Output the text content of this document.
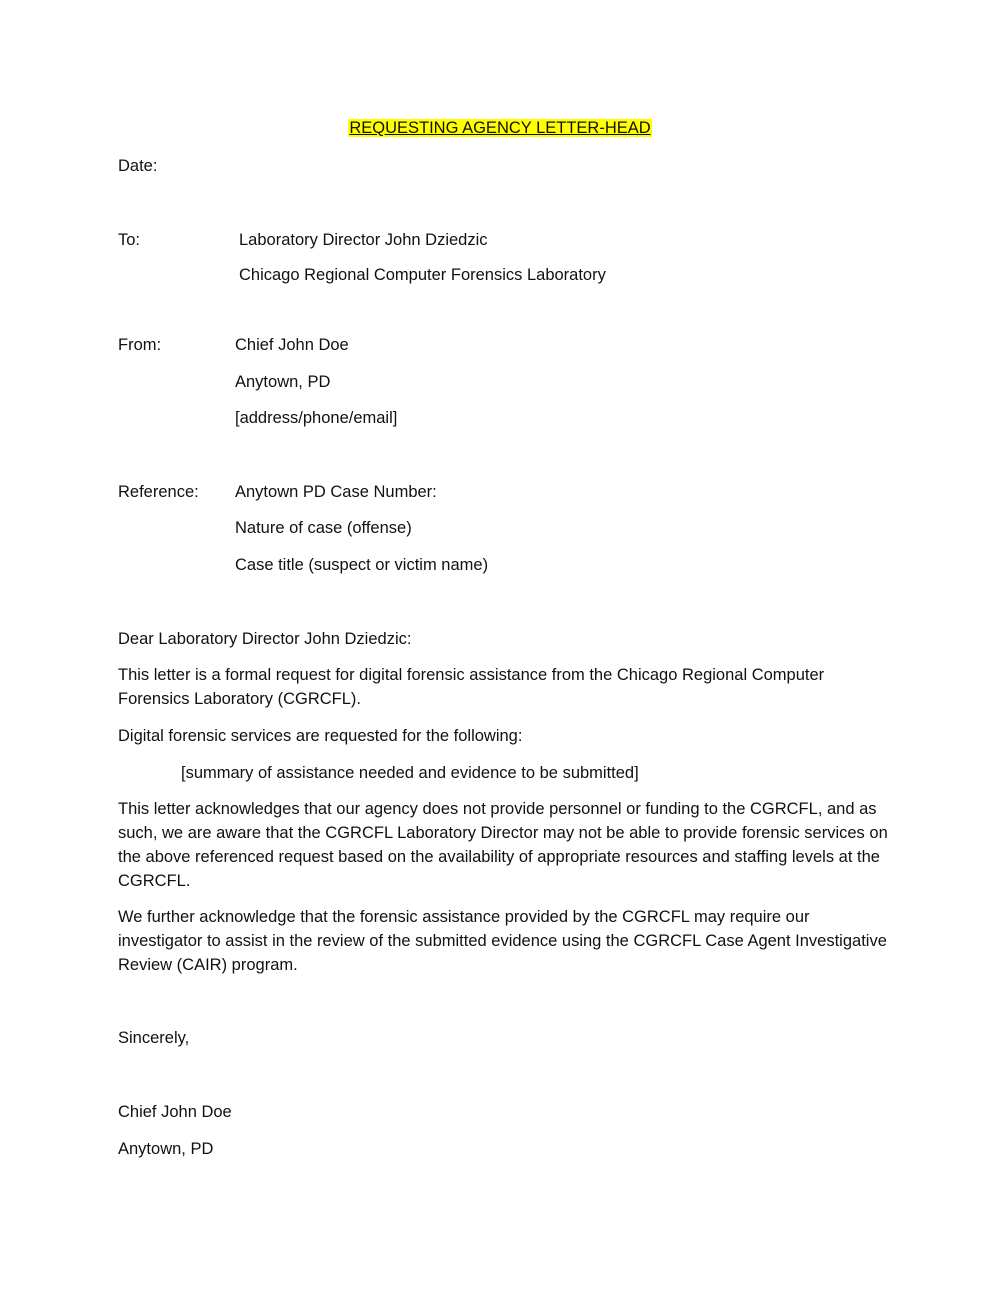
REQUESTING AGENCY LETTER-HEAD
Date:
To:	Laboratory Director John Dziedzic
Chicago Regional Computer Forensics Laboratory
From:	Chief John Doe
Anytown, PD
[address/phone/email]
Reference: Anytown PD Case Number:
Nature of case (offense)
Case title (suspect or victim name)
Dear Laboratory Director John Dziedzic:
This letter is a formal request for digital forensic assistance from the Chicago Regional Computer Forensics Laboratory (CGRCFL).
Digital forensic services are requested for the following:
[summary of assistance needed and evidence to be submitted]
This letter acknowledges that our agency does not provide personnel or funding to the CGRCFL, and as such, we are aware that the CGRCFL Laboratory Director may not be able to provide forensic services on the above referenced request based on the availability of appropriate resources and staffing levels at the CGRCFL.
We further acknowledge that the forensic assistance provided by the CGRCFL may require our investigator to assist in the review of the submitted evidence using the CGRCFL Case Agent Investigative Review (CAIR) program.
Sincerely,
Chief John Doe
Anytown, PD
